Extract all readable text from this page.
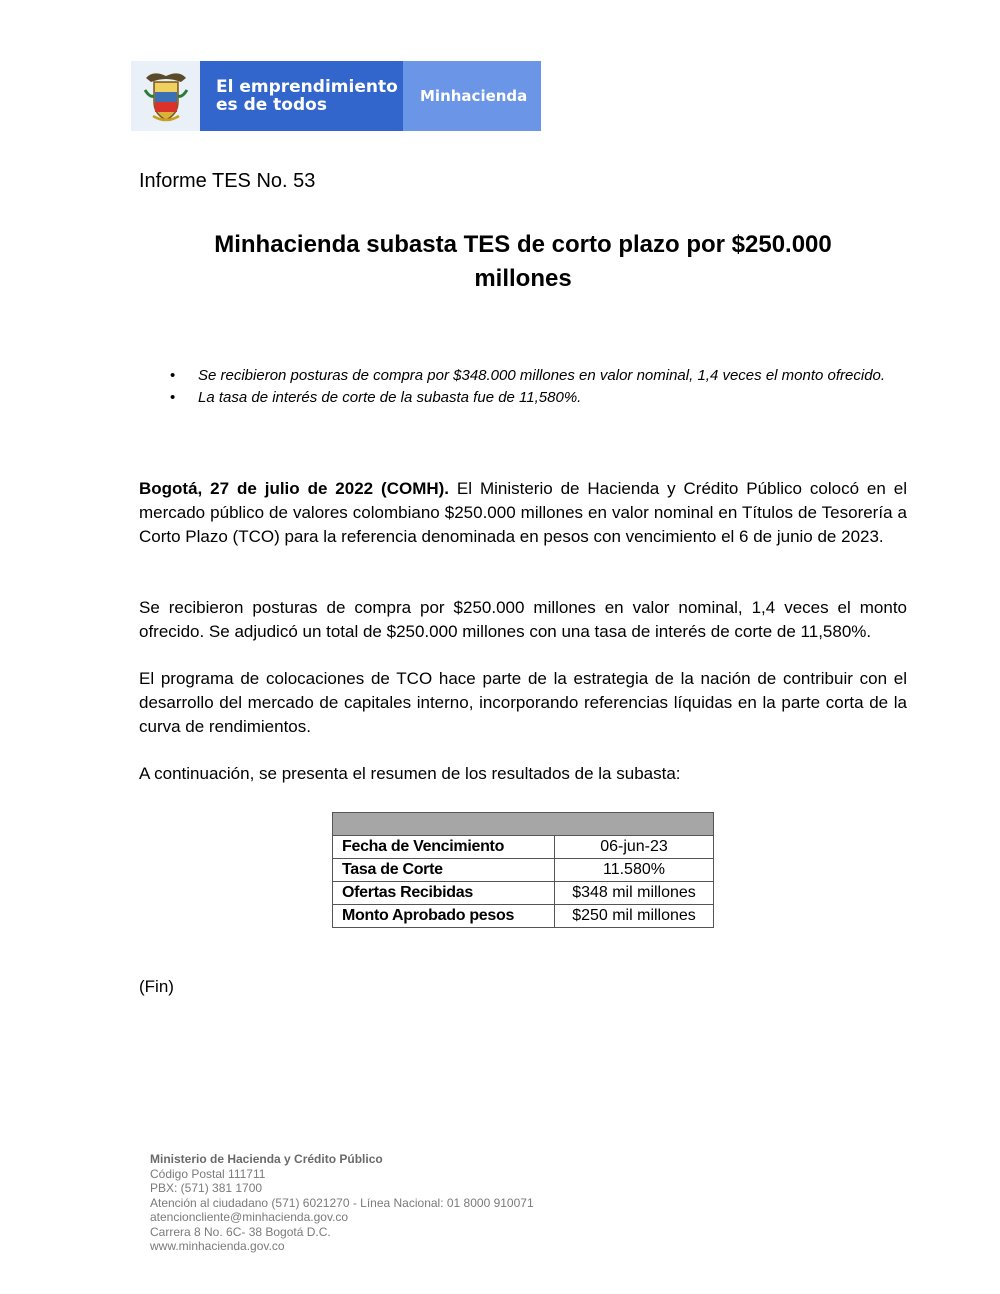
El emprendimiento
es de todos	Minhacienda
Informe TES No. 53
Minhacienda subasta TES de corto plazo por $250.000
millones
• Se recibieron posturas de compra por $348.000 millones en valor nominal, 1,4 veces el monto ofrecido.
• La tasa de interés de corte de la subasta fue de 11,580%.

Bogotá, 27 de julio de 2022 (COMH). El Ministerio de Hacienda y Crédito Público colocó en el mercado público de valores colombiano $250.000 millones en valor nominal en Títulos de Tesorería a Corto Plazo (TCO) para la referencia denominada en pesos con vencimiento el 6 de junio de 2023.

Se recibieron posturas de compra por $250.000 millones en valor nominal, 1,4 veces el monto ofrecido. Se adjudicó un total de $250.000 millones con una tasa de interés de corte de 11,580%.

El programa de colocaciones de TCO hace parte de la estrategia de la nación de contribuir con el desarrollo del mercado de capitales interno, incorporando referencias líquidas en la parte corta de la curva de rendimientos.

A continuación, se presenta el resumen de los resultados de la subasta:

Fecha de Vencimiento	06-jun-23
Tasa de Corte	11.580%
Ofertas Recibidas	$348 mil millones
Monto Aprobado pesos	$250 mil millones
(Fin)
Ministerio de Hacienda y Crédito Público
Código Postal 111711
PBX: (571) 381 1700
Atención al ciudadano (571) 6021270 - Línea Nacional: 01 8000 910071
atencioncliente@minhacienda.gov.co
Carrera 8 No. 6C- 38 Bogotá D.C.
www.minhacienda.gov.co
